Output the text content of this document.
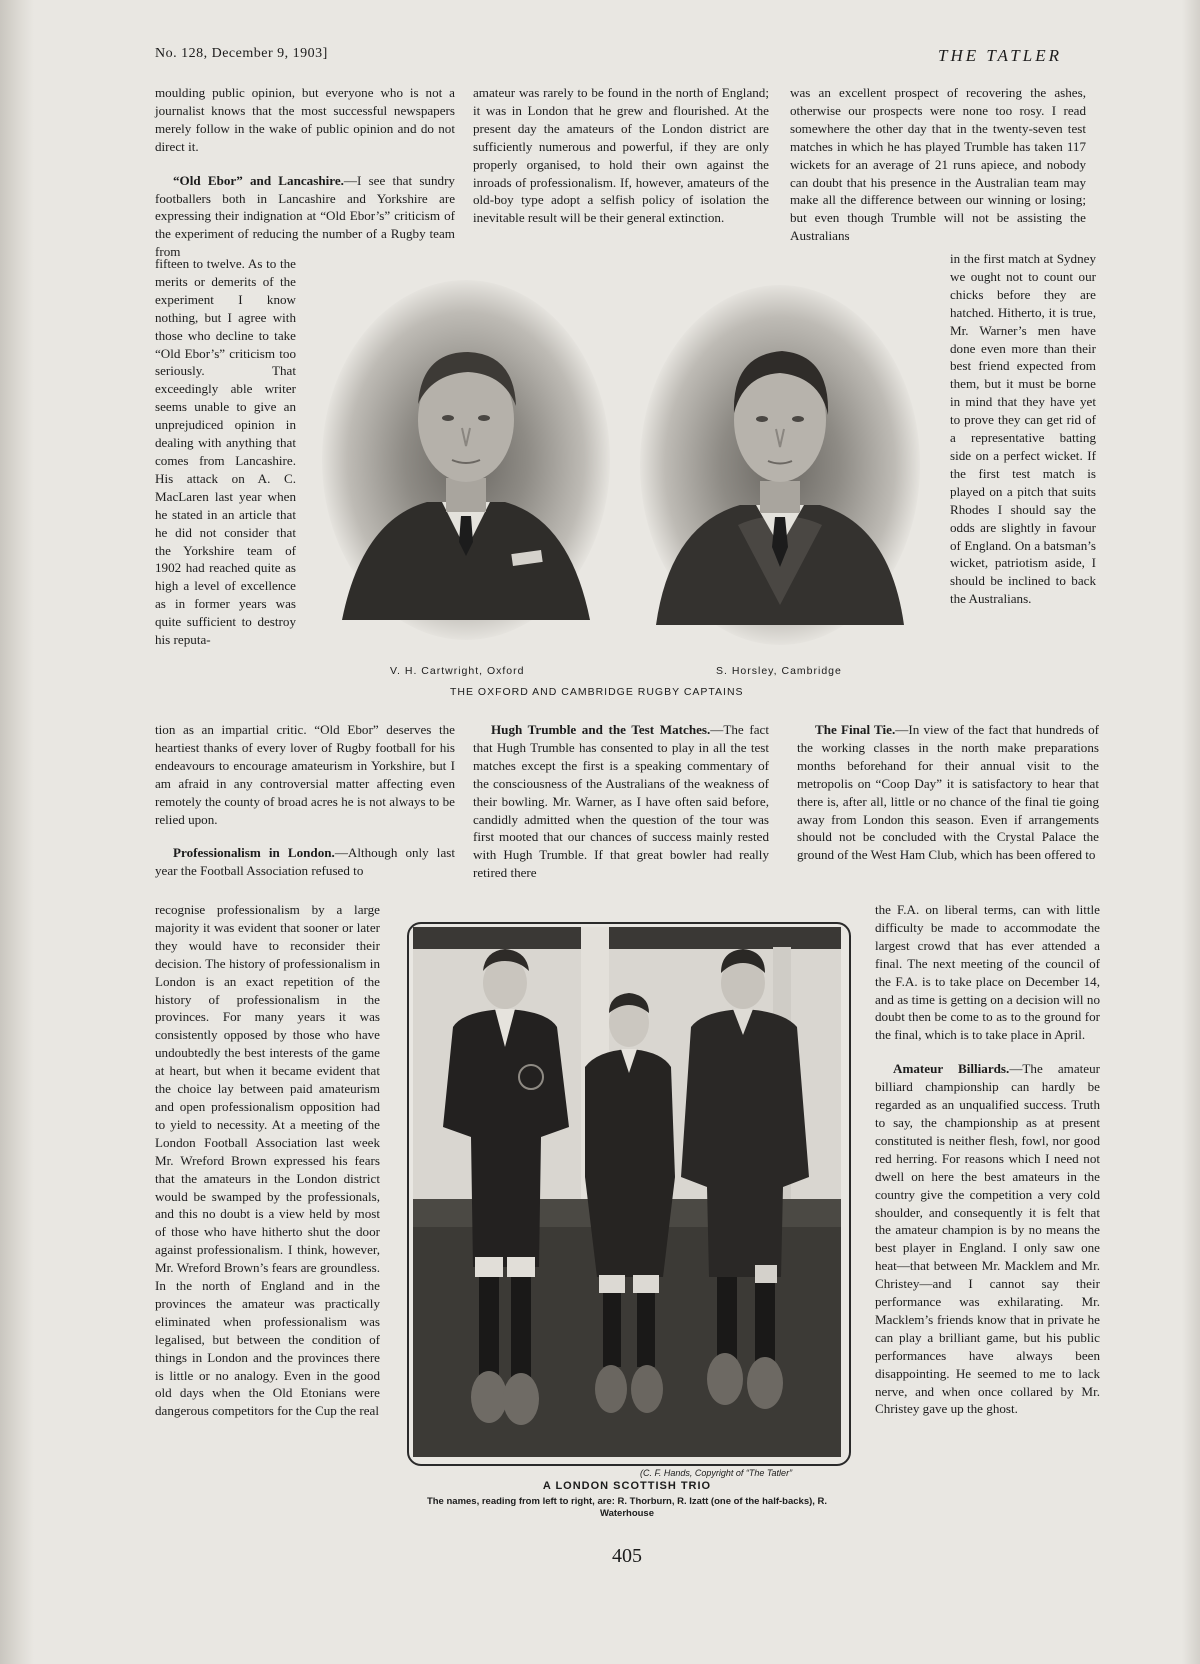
No. 128, December 9, 1903]	THE TATLER

moulding public opinion, but everyone who is not a journalist knows that the most successful newspapers merely follow in the wake of public opinion and do not direct it.

“Old Ebor” and Lancashire.—I see that sundry footballers both in Lancashire and Yorkshire are expressing their indignation at “Old Ebor’s” criticism of the experiment of reducing the number of a Rugby team from

fifteen to twelve. As to the merits or demerits of the experiment I know nothing, but I agree with those who decline to take “Old Ebor’s” criticism too seriously. That exceedingly able writer seems unable to give an unprejudiced opinion in dealing with anything that comes from Lancashire. His attack on A. C. MacLaren last year when he stated in an article that he did not consider that the Yorkshire team of 1902 had reached quite as high a level of excellence as in former years was quite sufficient to destroy his reputa-

tion as an impartial critic. “Old Ebor” deserves the heartiest thanks of every lover of Rugby football for his endeavours to encourage amateurism in Yorkshire, but I am afraid in any controversial matter affecting even remotely the county of broad acres he is not always to be relied upon.

Professionalism in London.—Although only last year the Football Association refused to

recognise professionalism by a large majority it was evident that sooner or later they would have to reconsider their decision. The history of professionalism in London is an exact repetition of the history of professionalism in the provinces. For many years it was consistently opposed by those who have undoubtedly the best interests of the game at heart, but when it became evident that the choice lay between paid amateurism and open professionalism opposition had to yield to necessity. At a meeting of the London Football Association last week Mr. Wreford Brown expressed his fears that the amateurs in the London district would be swamped by the professionals, and this no doubt is a view held by most of those who have hitherto shut the door against professionalism. I think, however, Mr. Wreford Brown’s fears are groundless. In the north of England and in the provinces the amateur was practically eliminated when professionalism was legalised, but between the condition of things in London and the provinces there is little or no analogy. Even in the good old days when the Old Etonians were dangerous competitors for the Cup the real

amateur was rarely to be found in the north of England; it was in London that he grew and flourished. At the present day the amateurs of the London district are sufficiently numerous and powerful, if they are only properly organised, to hold their own against the inroads of professionalism. If, however, amateurs of the old-boy type adopt a selfish policy of isolation the inevitable result will be their general extinction.

was an excellent prospect of recovering the ashes, otherwise our prospects were none too rosy. I read somewhere the other day that in the twenty-seven test matches in which he has played Trumble has taken 117 wickets for an average of 21 runs apiece, and nobody can doubt that his presence in the Australian team may make all the difference between our winning or losing; but even though Trumble will not be assisting the Australians

in the first match at Sydney we ought not to count our chicks before they are hatched. Hitherto, it is true, Mr. Warner’s men have done even more than their best friend expected from them, but it must be borne in mind that they have yet to prove they can get rid of a representative batting side on a perfect wicket. If the first test match is played on a pitch that suits Rhodes I should say the odds are slightly in favour of England. On a batsman’s wicket, patriotism aside, I should be inclined to back the Australians.

V. H. Cartwright, Oxford	S. Horsley, Cambridge
THE OXFORD AND CAMBRIDGE RUGBY CAPTAINS

Hugh Trumble and the Test Matches.—The fact that Hugh Trumble has consented to play in all the test matches except the first is a speaking commentary of the consciousness of the Australians of the weakness of their bowling. Mr. Warner, as I have often said before, candidly admitted when the question of the tour was first mooted that our chances of success mainly rested with Hugh Trumble. If that great bowler had really retired there

The Final Tie.—In view of the fact that hundreds of the working classes in the north make preparations months beforehand for their annual visit to the metropolis on “Coop Day” it is satisfactory to hear that there is, after all, little or no chance of the final tie going away from London this season. Even if arrangements should not be concluded with the Crystal Palace the ground of the West Ham Club, which has been offered to

the F.A. on liberal terms, can with little difficulty be made to accommodate the largest crowd that has ever attended a final. The next meeting of the council of the F.A. is to take place on December 14, and as time is getting on a decision will no doubt then be come to as to the ground for the final, which is to take place in April.

Amateur Billiards.—The amateur billiard championship can hardly be regarded as an unqualified success. Truth to say, the championship as at present constituted is neither flesh, fowl, nor good red herring. For reasons which I need not dwell on here the best amateurs in the country give the competition a very cold shoulder, and consequently it is felt that the amateur champion is by no means the best player in England. I only saw one heat—that between Mr. Macklem and Mr. Christey—and I cannot say their performance was exhilarating. Mr. Macklem’s friends know that in private he can play a brilliant game, but his public performances have always been disappointing. He seemed to me to lack nerve, and when once collared by Mr. Christey gave up the ghost.

(C. F. Hands, Copyright of “The Tatler”
A LONDON SCOTTISH TRIO
The names, reading from left to right, are: R. Thorburn, R. Izatt (one of the half-backs), R. Waterhouse
405
